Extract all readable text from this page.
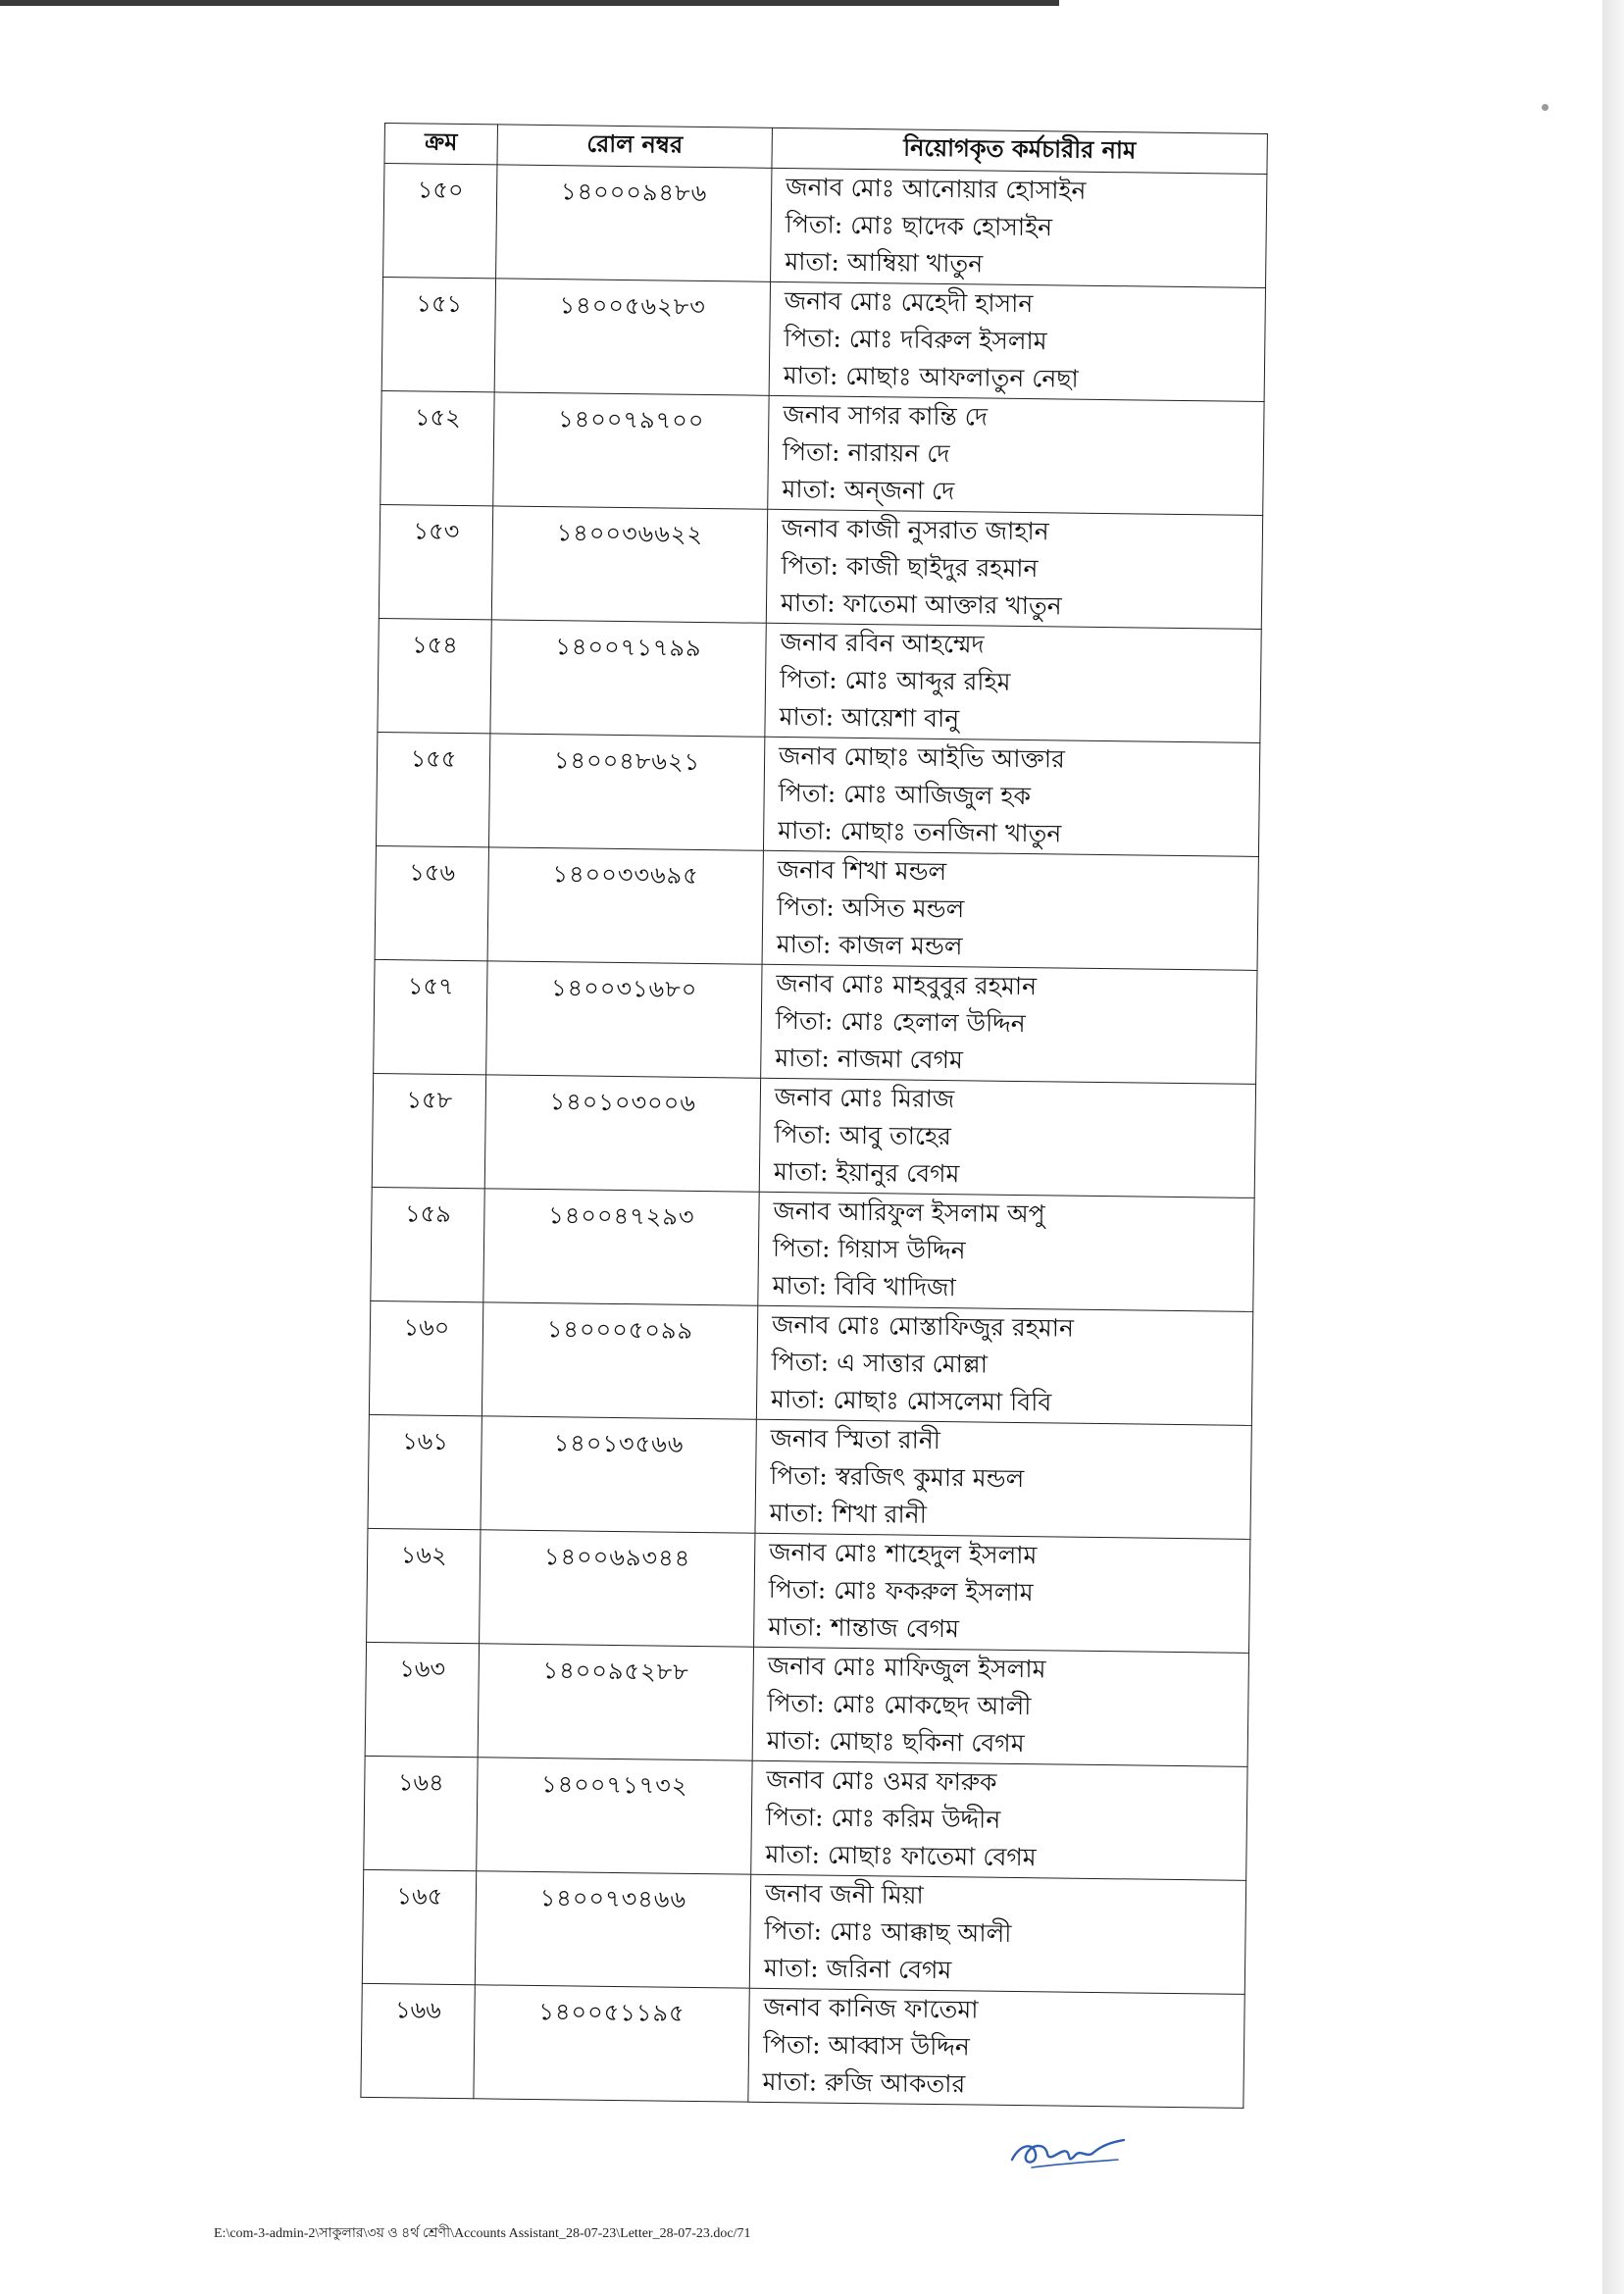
ক্রম	রোল নম্বর	নিয়োগকৃত কর্মচারীর নাম

১৫০	১৪০০০৯৪৮৬	জনাব মোঃ আনোয়ার হোসাইন
পিতা: মোঃ ছাদেক হোসাইন
মাতা: আম্বিয়া খাতুন

১৫১	১৪০০৫৬২৮৩	জনাব মোঃ মেহেদী হাসান
পিতা: মোঃ দবিরুল ইসলাম
মাতা: মোছাঃ আফলাতুন নেছা

১৫২	১৪০০৭৯৭০০	জনাব সাগর কান্তি দে
পিতা: নারায়ন দে
মাতা: অন্জনা দে

১৫৩	১৪০০৩৬৬২২	জনাব কাজী নুসরাত জাহান
পিতা: কাজী ছাইদুর রহমান
মাতা: ফাতেমা আক্তার খাতুন

১৫৪	১৪০০৭১৭৯৯	জনাব রবিন আহম্মেদ
পিতা: মোঃ আব্দুর রহিম
মাতা: আয়েশা বানু

১৫৫	১৪০০৪৮৬২১	জনাব মোছাঃ আইভি আক্তার
পিতা: মোঃ আজিজুল হক
মাতা: মোছাঃ তনজিনা খাতুন

১৫৬	১৪০০৩৩৬৯৫	জনাব শিখা মন্ডল
পিতা: অসিত মন্ডল
মাতা: কাজল মন্ডল

১৫৭	১৪০০৩১৬৮০	জনাব মোঃ মাহবুবুর রহমান
পিতা: মোঃ হেলাল উদ্দিন
মাতা: নাজমা বেগম

১৫৮	১৪০১০৩০০৬	জনাব মোঃ মিরাজ
পিতা: আবু তাহের
মাতা: ইয়ানুর বেগম

১৫৯	১৪০০৪৭২৯৩	জনাব আরিফুল ইসলাম অপু
পিতা: গিয়াস উদ্দিন
মাতা: বিবি খাদিজা

১৬০	১৪০০০৫০৯৯	জনাব মোঃ মোস্তাফিজুর রহমান
পিতা: এ সাত্তার মোল্লা
মাতা: মোছাঃ মোসলেমা বিবি

১৬১	১৪০১৩৫৬৬	জনাব স্মিতা রানী
পিতা: স্বরজিৎ কুমার মন্ডল
মাতা: শিখা রানী

১৬২	১৪০০৬৯৩৪৪	জনাব মোঃ শাহেদুল ইসলাম
পিতা: মোঃ ফকরুল ইসলাম
মাতা: শান্তাজ বেগম

১৬৩	১৪০০৯৫২৮৮	জনাব মোঃ মাফিজুল ইসলাম
পিতা: মোঃ মোকছেদ আলী
মাতা: মোছাঃ ছকিনা বেগম

১৬৪	১৪০০৭১৭৩২	জনাব মোঃ ওমর ফারুক
পিতা: মোঃ করিম উদ্দীন
মাতা: মোছাঃ ফাতেমা বেগম

১৬৫	১৪০০৭৩৪৬৬	জনাব জনী মিয়া
পিতা: মোঃ আক্কাছ আলী
মাতা: জরিনা বেগম

১৬৬	১৪০০৫১১৯৫	জনাব কানিজ ফাতেমা
পিতা: আব্বাস উদ্দিন
মাতা: রুজি আকতার
E:\com-3-admin-2\সাকুলার\৩য় ও ৪র্থ শ্রেণী\Accounts Assistant_28-07-23\Letter_28-07-23.doc/71
